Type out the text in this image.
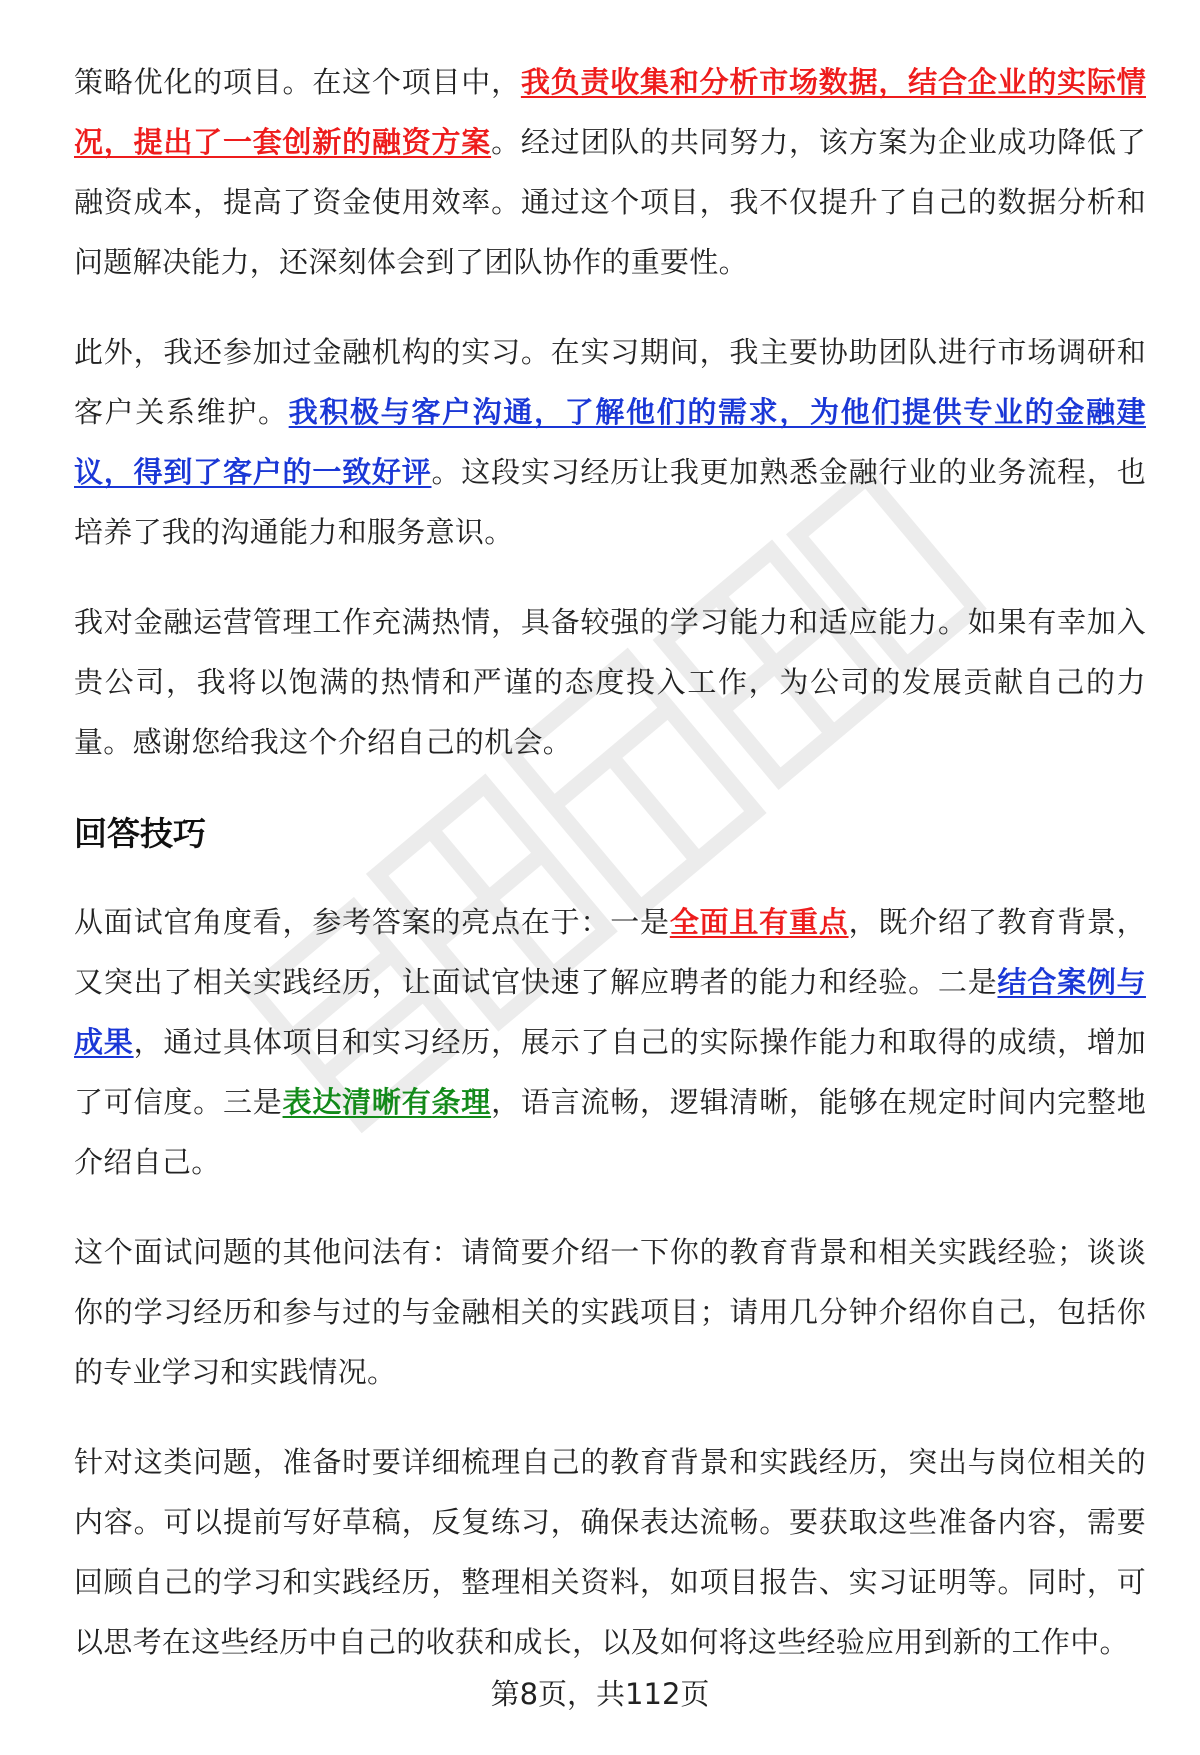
策略优化的项目。在这个项目中，我负责收集和分析市场数据，结合企业的实际情况，提出了一套创新的融资方案。经过团队的共同努力，该方案为企业成功降低了融资成本，提高了资金使用效率。通过这个项目，我不仅提升了自己的数据分析和问题解决能力，还深刻体会到了团队协作的重要性。

此外，我还参加过金融机构的实习。在实习期间，我主要协助团队进行市场调研和客户关系维护。我积极与客户沟通，了解他们的需求，为他们提供专业的金融建议，得到了客户的一致好评。这段实习经历让我更加熟悉金融行业的业务流程，也培养了我的沟通能力和服务意识。

我对金融运营管理工作充满热情，具备较强的学习能力和适应能力。如果有幸加入贵公司，我将以饱满的热情和严谨的态度投入工作，为公司的发展贡献自己的力量。感谢您给我这个介绍自己的机会。

回答技巧

从面试官角度看，参考答案的亮点在于：一是全面且有重点，既介绍了教育背景，又突出了相关实践经历，让面试官快速了解应聘者的能力和经验。二是结合案例与成果，通过具体项目和实习经历，展示了自己的实际操作能力和取得的成绩，增加了可信度。三是表达清晰有条理，语言流畅，逻辑清晰，能够在规定时间内完整地介绍自己。

这个面试问题的其他问法有：请简要介绍一下你的教育背景和相关实践经验；谈谈你的学习经历和参与过的与金融相关的实践项目；请用几分钟介绍你自己，包括你的专业学习和实践情况。

针对这类问题，准备时要详细梳理自己的教育背景和实践经历，突出与岗位相关的内容。可以提前写好草稿，反复练习，确保表达流畅。要获取这些准备内容，需要回顾自己的学习和实践经历，整理相关资料，如项目报告、实习证明等。同时，可以思考在这些经历中自己的收获和成长，以及如何将这些经验应用到新的工作中。

第8页，共112页
